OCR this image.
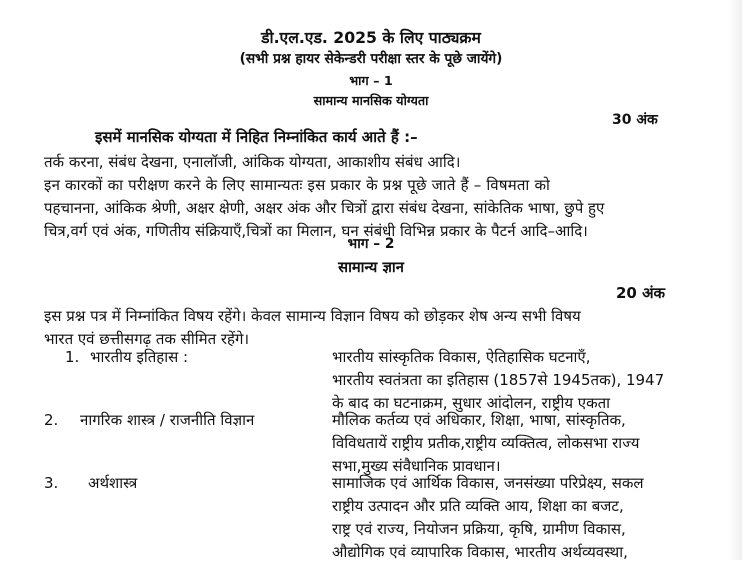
डी.एल.एड. 2025 के लिए पाठ्यक्रम
(सभी प्रश्न हायर सेकेन्डरी परीक्षा स्तर के पूछे जायेंगे)
भाग – 1
सामान्य मानसिक योग्यता
30 अंक
इसमें मानसिक योग्यता में निहित निम्नांकित कार्य आते हैं :–
तर्क करना, संबंध देखना, एनालॉजी, आंकिक योग्यता, आकाशीय संबंध आदि।
इन कारकों का परीक्षण करने के लिए सामान्यतः इस प्रकार के प्रश्न पूछे जाते हैं – विषमता को
पहचानना, आंकिक श्रेणी, अक्षर क्षेणी, अक्षर अंक और चित्रों द्वारा संबंध देखना, सांकेतिक भाषा, छुपे हुए
चित्र,वर्ग एवं अंक, गणितीय संक्रियाएँ,चित्रों का मिलान, घन संबंधी विभिन्न प्रकार के पैटर्न आदि–आदि।
भाग – 2
सामान्य ज्ञान
20 अंक
इस प्रश्न पत्र में निम्नांकित विषय रहेंगे। केवल सामान्य विज्ञान विषय को छोड़कर शेष अन्य सभी विषय
भारत एवं छत्तीसगढ़ तक सीमित रहेंगे।
1. भारतीय इतिहास :	भारतीय सांस्कृतिक विकास, ऐतिहासिक घटनाएँ,
भारतीय स्वतंत्रता का इतिहास (1857से 1945तक), 1947
के बाद का घटनाक्रम, सुधार आंदोलन, राष्ट्रीय एकता
2. नागरिक शास्त्र / राजनीति विज्ञान	मौलिक कर्तव्य एवं अधिकार, शिक्षा, भाषा, सांस्कृतिक,
विविधतायें राष्ट्रीय प्रतीक,राष्ट्रीय व्यक्तित्व, लोकसभा राज्य
सभा,मुख्य संवैधानिक प्रावधान।
3. अर्थशास्त्र	सामाजिक एवं आर्थिक विकास, जनसंख्या परिप्रेक्ष्य, सकल
राष्ट्रीय उत्पादन और प्रति व्यक्ति आय, शिक्षा का बजट,
राष्ट्र एवं राज्य, नियोजन प्रक्रिया, कृषि, ग्रामीण विकास,
औद्योगिक एवं व्यापारिक विकास, भारतीय अर्थव्यवस्था,
